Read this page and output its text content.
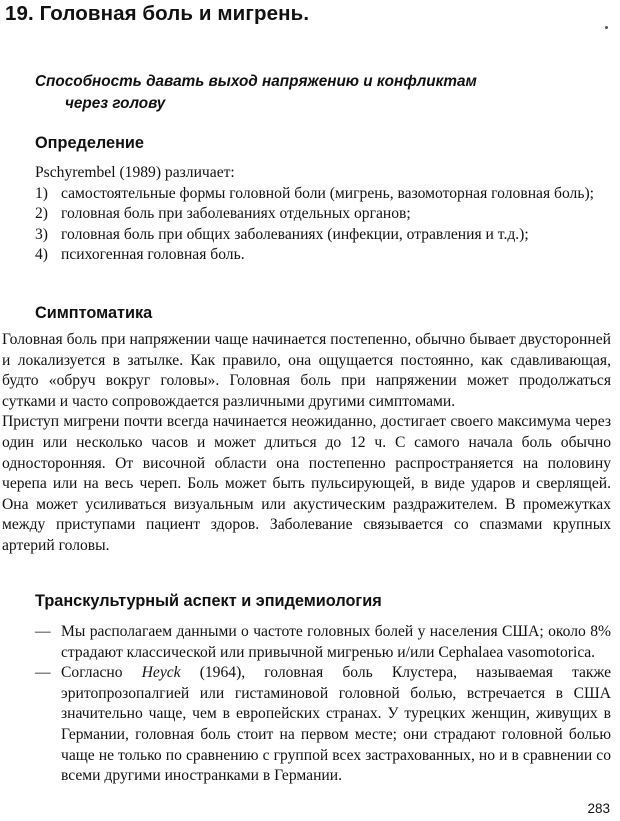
19. Головная боль и мигрень.
Способность давать выход напряжению и конфликтам
через голову
Определение

Pschyrembel (1989) различает:

1) самостоятельные формы головной боли (мигрень, вазомоторная головная боль);

2) головная боль при заболеваниях отдельных органов;

3) головная боль при общих заболеваниях (инфекции, отравления и т.д.);

4) психогенная головная боль.

Симптоматика

Головная боль при напряжении чаще начинается постепенно, обычно бывает двусторонней и локализуется в затылке. Как правило, она ощущается постоянно, как сдавливающая, будто «обруч вокруг головы». Головная боль при напряжении может продолжаться сутками и часто сопровождается различными другими симптомами.

Приступ мигрени почти всегда начинается неожиданно, достигает своего максимума через один или несколько часов и может длиться до 12 ч. С самого начала боль обычно односторонняя. От височной области она постепенно распространяется на половину черепа или на весь череп. Боль может быть пульсирующей, в виде ударов и сверлящей. Она может усиливаться визуальным или акустическим раздражителем. В промежутках между приступами пациент здоров. Заболевание связывается со спазмами крупных артерий головы.

Транскультурный аспект и эпидемиология

— Мы располагаем данными о частоте головных болей у населения США; около 8% страдают классической или привычной мигренью и/или Cephalaea vasomotorica.

— Согласно Heyck (1964), головная боль Клустера, называемая также эритопрозопалгией или гистаминовой головной болью, встречается в США значительно чаще, чем в европейских странах. У турецких женщин, живущих в Германии, головная боль стоит на первом месте; они страдают головной болью чаще не только по сравнению с группой всех застрахованных, но и в сравнении со всеми другими иностранками в Германии.

283
